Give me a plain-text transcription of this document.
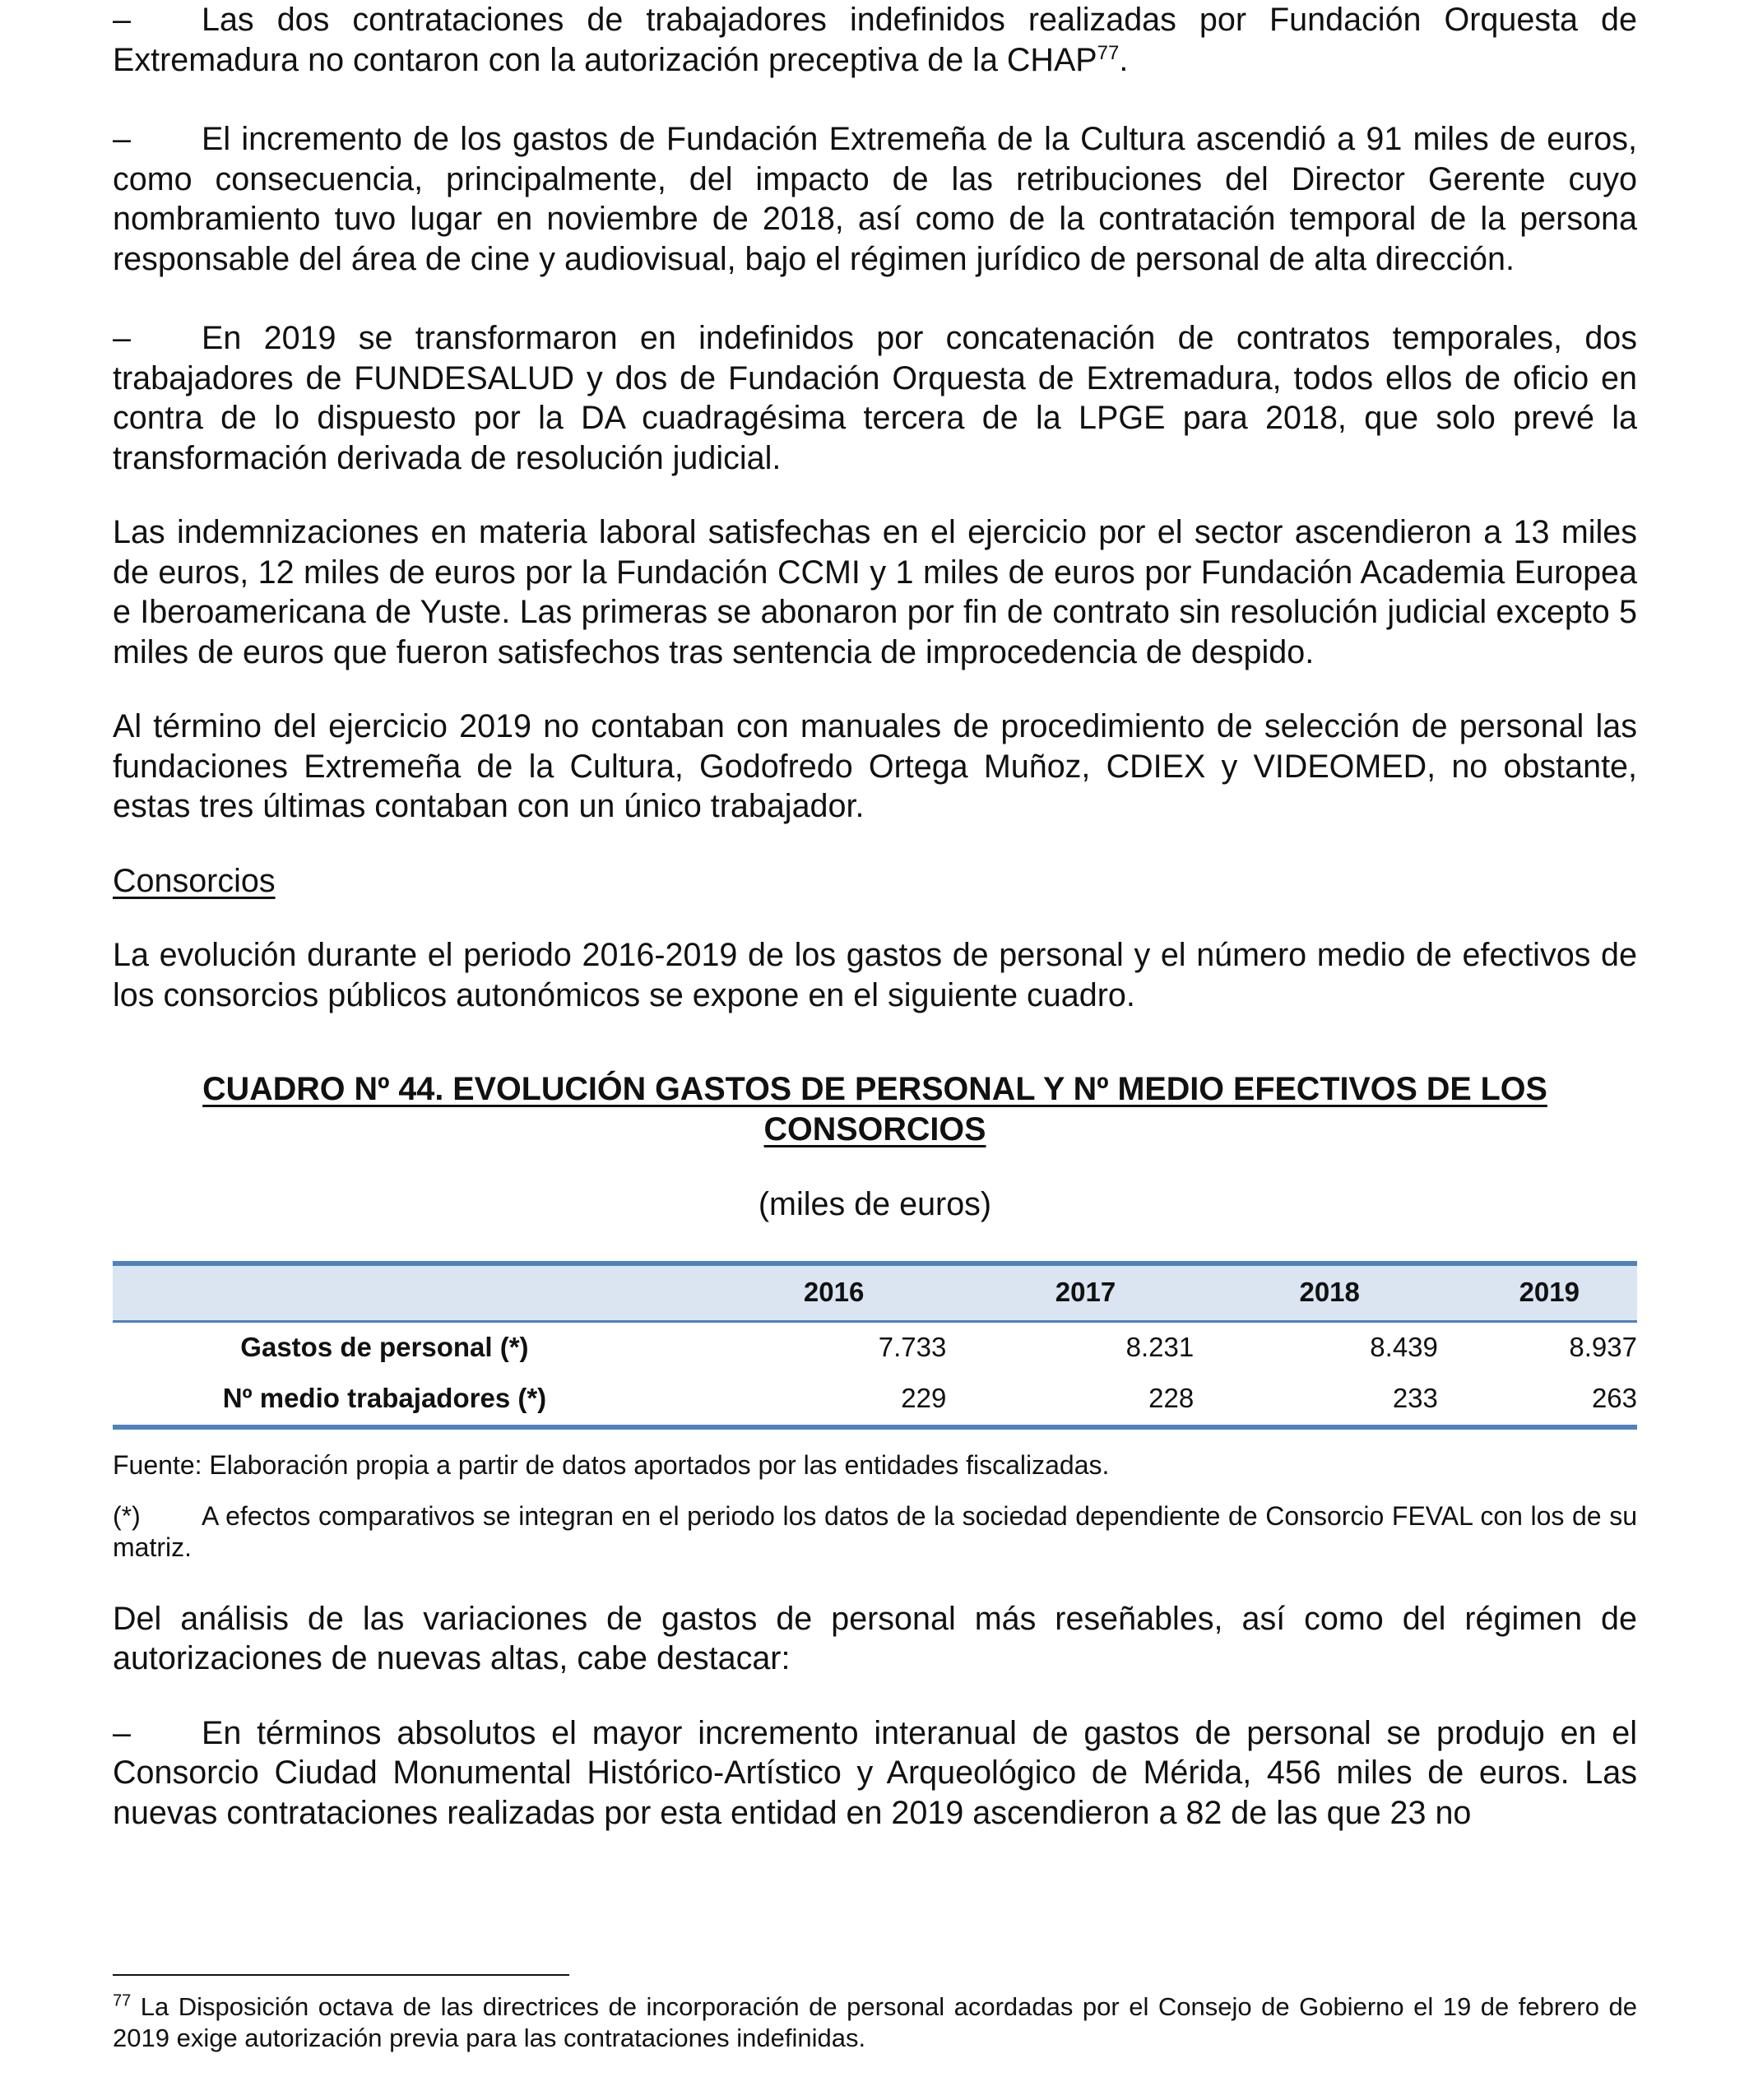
– Las dos contrataciones de trabajadores indefinidos realizadas por Fundación Orquesta de Extremadura no contaron con la autorización preceptiva de la CHAP$^{77}$.

– El incremento de los gastos de Fundación Extremeña de la Cultura ascendió a 91 miles de euros, como consecuencia, principalmente, del impacto de las retribuciones del Director Gerente cuyo nombramiento tuvo lugar en noviembre de 2018, así como de la contratación temporal de la persona responsable del área de cine y audiovisual, bajo el régimen jurídico de personal de alta dirección.

– En 2019 se transformaron en indefinidos por concatenación de contratos temporales, dos trabajadores de FUNDESALUD y dos de Fundación Orquesta de Extremadura, todos ellos de oficio en contra de lo dispuesto por la DA cuadragésima tercera de la LPGE para 2018, que solo prevé la transformación derivada de resolución judicial.

Las indemnizaciones en materia laboral satisfechas en el ejercicio por el sector ascendieron a 13 miles de euros, 12 miles de euros por la Fundación CCMI y 1 miles de euros por Fundación Academia Europea e Iberoamericana de Yuste. Las primeras se abonaron por fin de contrato sin resolución judicial excepto 5 miles de euros que fueron satisfechos tras sentencia de improcedencia de despido.

Al término del ejercicio 2019 no contaban con manuales de procedimiento de selección de personal las fundaciones Extremeña de la Cultura, Godofredo Ortega Muñoz, CDIEX y VIDEOMED, no obstante, estas tres últimas contaban con un único trabajador.

Consorcios

La evolución durante el periodo 2016-2019 de los gastos de personal y el número medio de efectivos de los consorcios públicos autonómicos se expone en el siguiente cuadro.

CUADRO Nº 44. EVOLUCIÓN GASTOS DE PERSONAL Y Nº MEDIO EFECTIVOS DE LOS
CONSORCIOS
(miles de euros)
	2016	2017	2018	2019
Gastos de personal (*)	7.733	8.231	8.439	8.937
Nº medio trabajadores (*)	229	228	233	263
Fuente: Elaboración propia a partir de datos aportados por las entidades fiscalizadas.
(*) A efectos comparativos se integran en el periodo los datos de la sociedad dependiente de Consorcio FEVAL con los de su matriz.

Del análisis de las variaciones de gastos de personal más reseñables, así como del régimen de autorizaciones de nuevas altas, cabe destacar:

– En términos absolutos el mayor incremento interanual de gastos de personal se produjo en el Consorcio Ciudad Monumental Histórico-Artístico y Arqueológico de Mérida, 456 miles de euros. Las nuevas contrataciones realizadas por esta entidad en 2019 ascendieron a 82 de las que 23 no

$^{77}$ La Disposición octava de las directrices de incorporación de personal acordadas por el Consejo de Gobierno el 19 de febrero de 2019 exige autorización previa para las contrataciones indefinidas.
